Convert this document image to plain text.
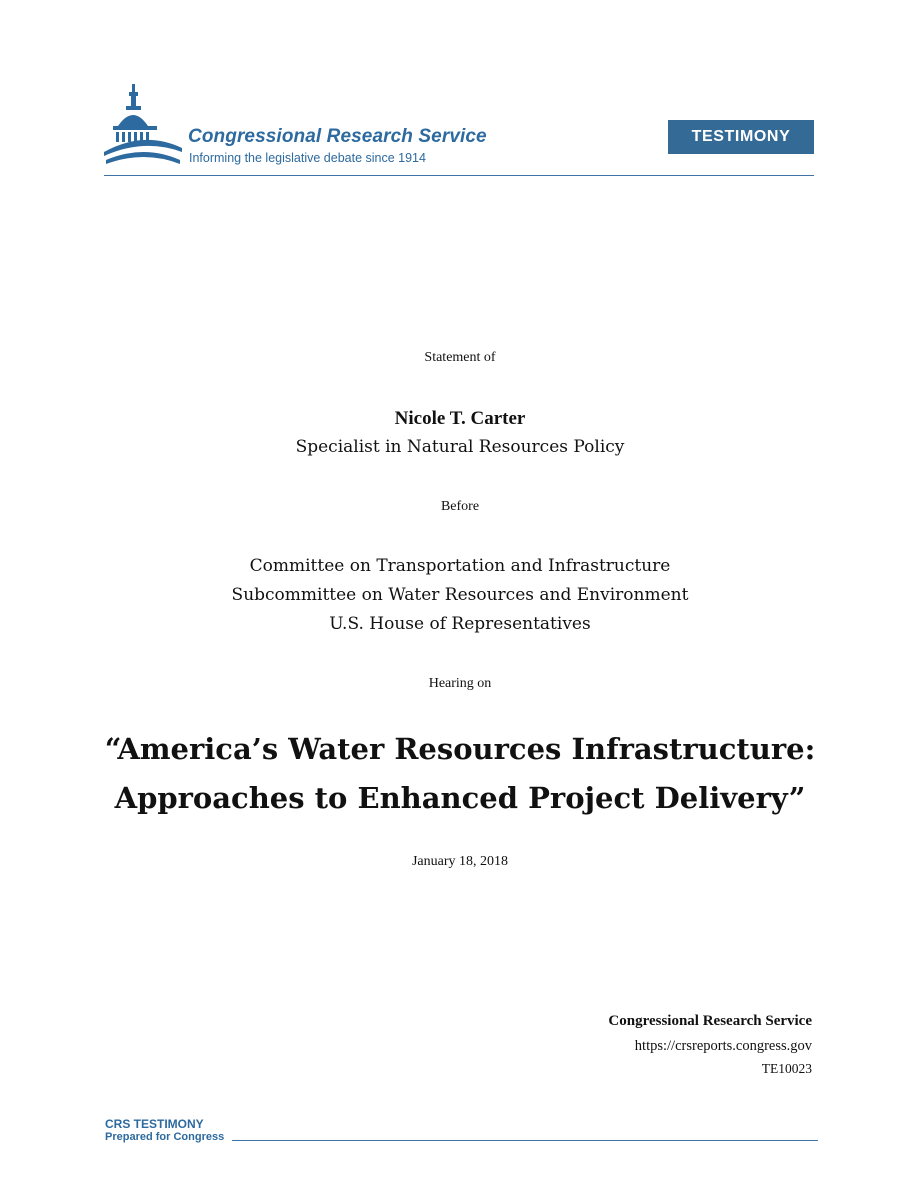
Congressional Research Service
Informing the legislative debate since 1914
TESTIMONY
Statement of
Nicole T. Carter
Specialist in Natural Resources Policy
Before
Committee on Transportation and Infrastructure
Subcommittee on Water Resources and Environment
U.S. House of Representatives
Hearing on
“America’s Water Resources Infrastructure:
Approaches to Enhanced Project Delivery”
January 18, 2018
Congressional Research Service
https://crsreports.congress.gov
TE10023
CRS TESTIMONY
Prepared for Congress
